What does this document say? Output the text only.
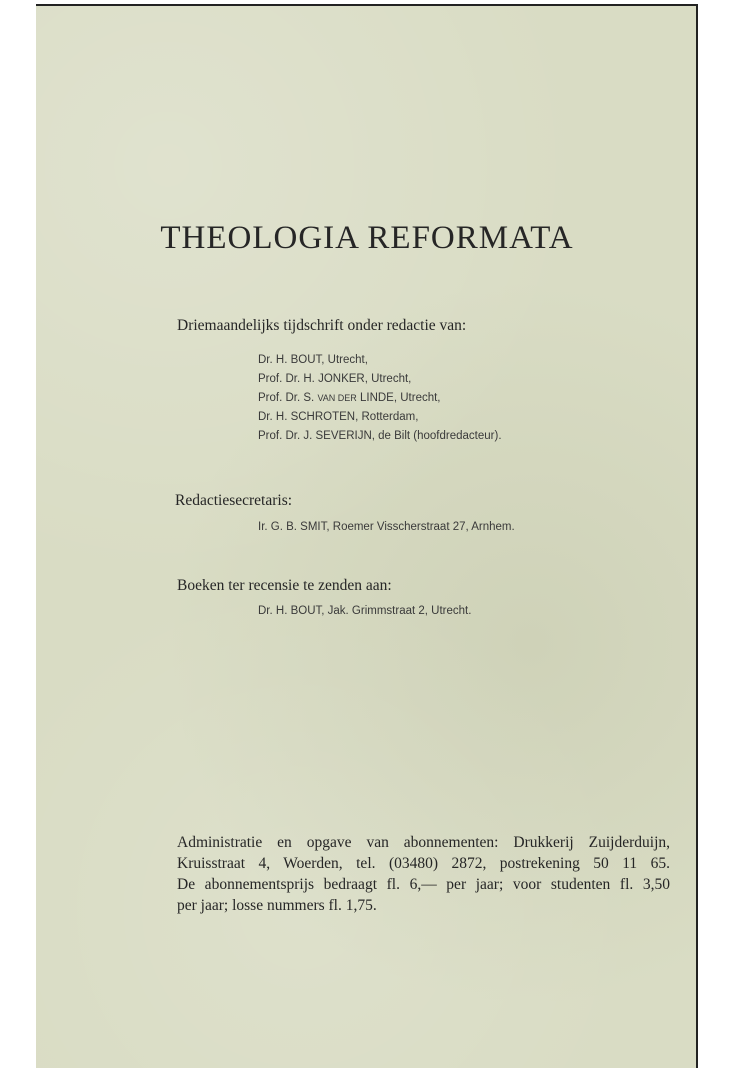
THEOLOGIA REFORMATA
Driemaandelijks tijdschrift onder redactie van:
Dr. H. BOUT, Utrecht,
Prof. Dr. H. JONKER, Utrecht,
Prof. Dr. S. VAN DER LINDE, Utrecht,
Dr. H. SCHROTEN, Rotterdam,
Prof. Dr. J. SEVERIJN, de Bilt (hoofdredacteur).
Redactiesecretaris:
Ir. G. B. SMIT, Roemer Visscherstraat 27, Arnhem.
Boeken ter recensie te zenden aan:
Dr. H. BOUT, Jak. Grimmstraat 2, Utrecht.

Administratie en opgave van abonnementen: Drukkerij Zuijderduijn,

Kruisstraat 4, Woerden, tel. (03480) 2872, postrekening 50 11 65.

De abonnementsprijs bedraagt fl. 6,— per jaar; voor studenten fl. 3,50

per jaar; losse nummers fl. 1,75.
